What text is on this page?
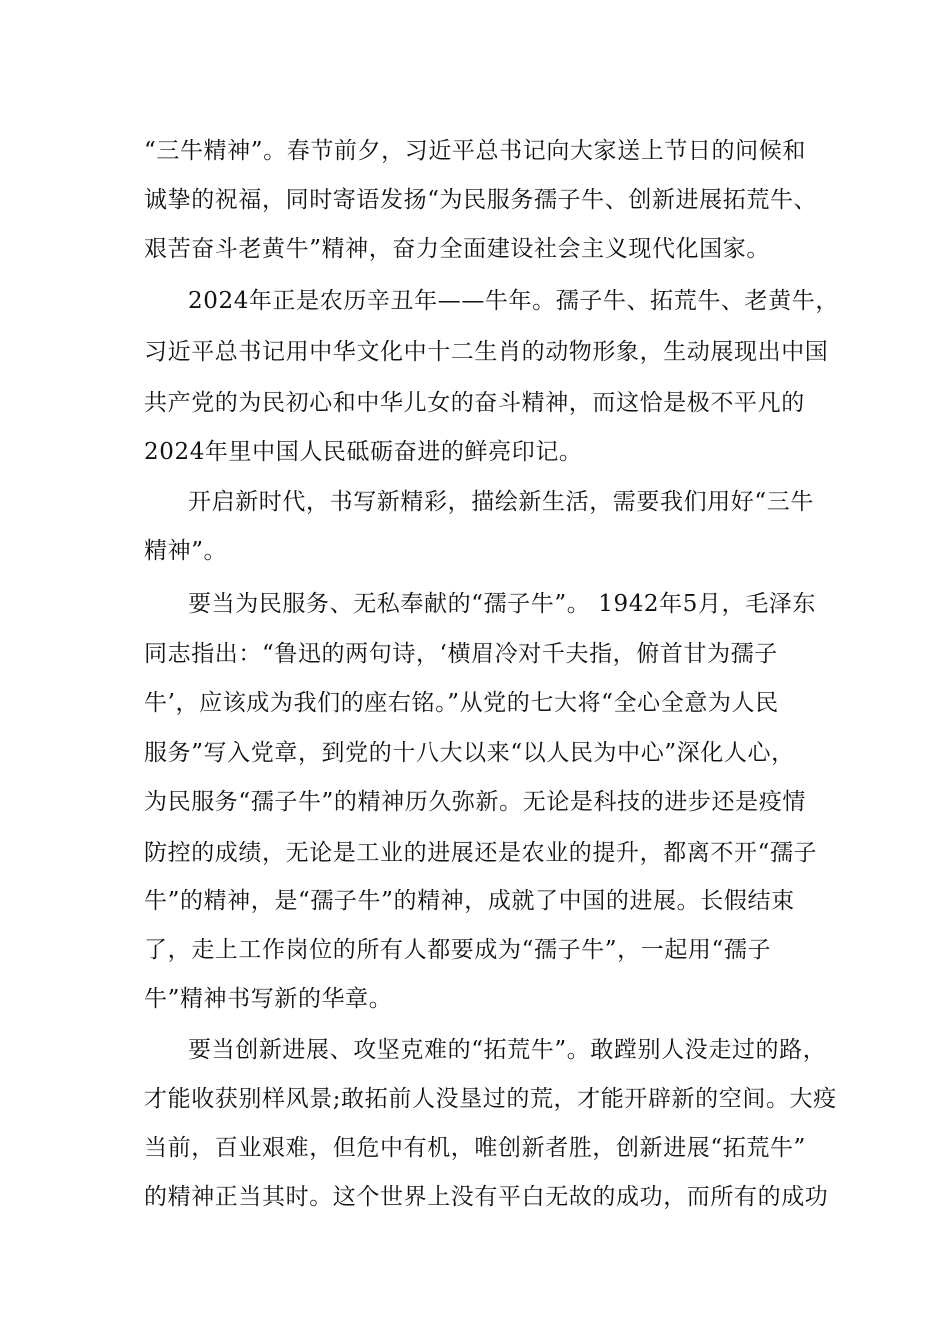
“三牛精神”。春节前夕，习近平总书记向大家送上节日的问候和
诚挚的祝福，同时寄语发扬“为民服务孺子牛、创新进展拓荒牛、
艰苦奋斗老黄牛”精神，奋力全面建设社会主义现代化国家。
2024年正是农历辛丑年——牛年。孺子牛、拓荒牛、老黄牛，
习近平总书记用中华文化中十二生肖的动物形象，生动展现出中国
共产党的为民初心和中华儿女的奋斗精神，而这恰是极不平凡的
2024年里中国人民砥砺奋进的鲜亮印记。
开启新时代，书写新精彩，描绘新生活，需要我们用好“三牛
精神”。
要当为民服务、无私奉献的“孺子牛”。 1942年5月，毛泽东
同志指出：“鲁迅的两句诗，‘横眉冷对千夫指，俯首甘为孺子
牛’，应该成为我们的座右铭。”从党的七大将“全心全意为人民
服务”写入党章，到党的十八大以来“以人民为中心”深化人心，
为民服务“孺子牛”的精神历久弥新。无论是科技的进步还是疫情
防控的成绩，无论是工业的进展还是农业的提升，都离不开“孺子
牛”的精神，是“孺子牛”的精神，成就了中国的进展。长假结束
了，走上工作岗位的所有人都要成为“孺子牛”，一起用“孺子
牛”精神书写新的华章。
要当创新进展、攻坚克难的“拓荒牛”。敢蹚别人没走过的路，
才能收获别样风景;敢拓前人没垦过的荒，才能开辟新的空间。大疫
当前，百业艰难，但危中有机，唯创新者胜，创新进展“拓荒牛”
的精神正当其时。这个世界上没有平白无故的成功，而所有的成功
